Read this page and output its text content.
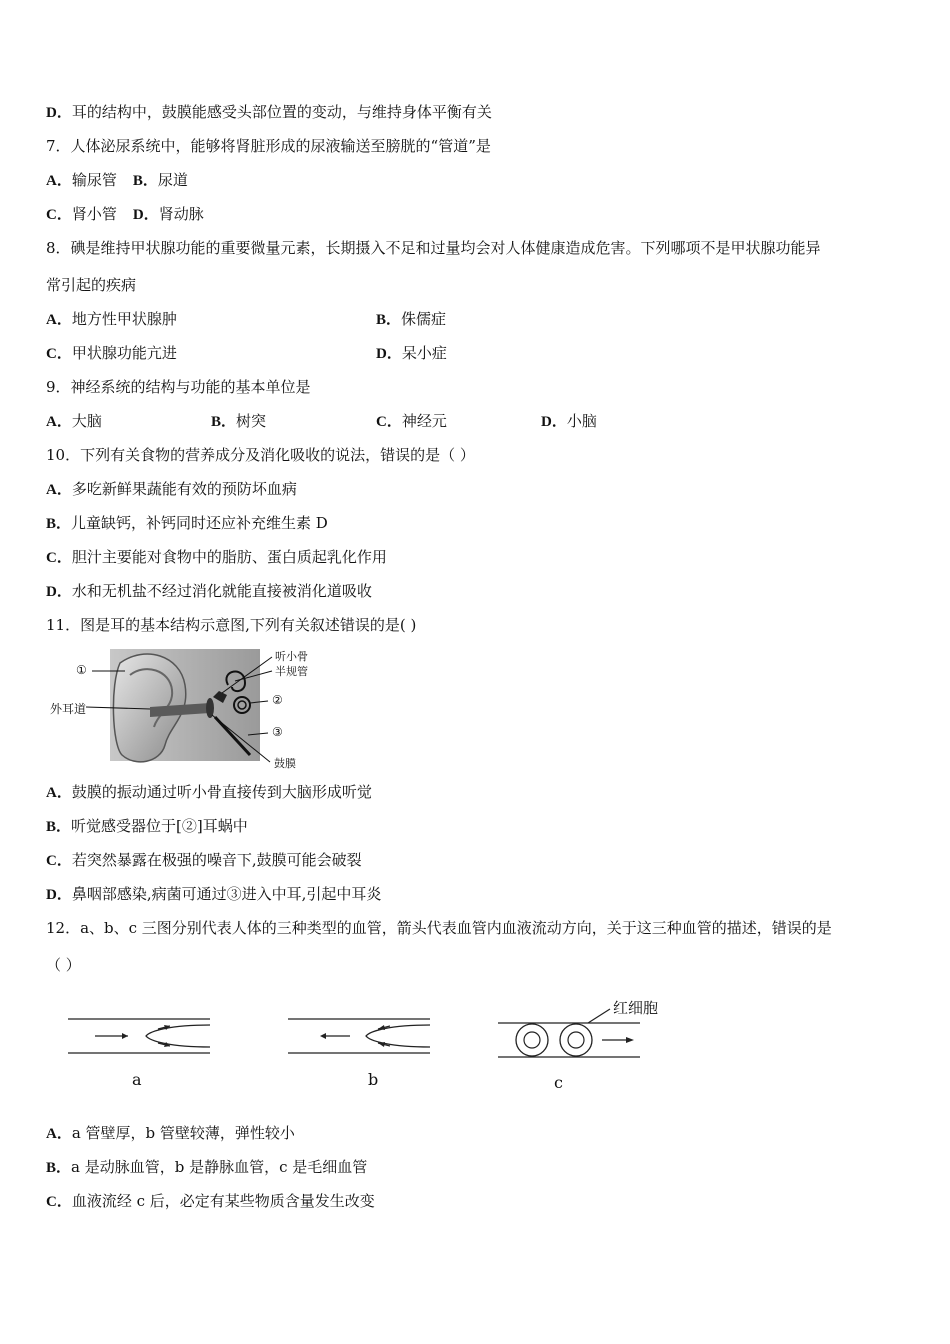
D．耳的结构中，鼓膜能感受头部位置的变动，与维持身体平衡有关
7．人体泌尿系统中，能够将肾脏形成的尿液输送至膀胱的“管道”是
A．输尿管 B．尿道
C．肾小管 D．肾动脉
8．碘是维持甲状腺功能的重要微量元素，长期摄入不足和过量均会对人体健康造成危害。下列哪项不是甲状腺功能异
常引起的疾病
A．地方性甲状腺肿	B．侏儒症
C．甲状腺功能亢进	D．呆小症
9．神经系统的结构与功能的基本单位是
A．大脑	B．树突	C．神经元	D．小脑
10．下列有关食物的营养成分及消化吸收的说法，错误的是（ ）
A．多吃新鲜果蔬能有效的预防坏血病
B．儿童缺钙，补钙同时还应补充维生素 D
C．胆汁主要能对食物中的脂肪、蛋白质起乳化作用
D．水和无机盐不经过消化就能直接被消化道吸收
11．图是耳的基本结构示意图,下列有关叙述错误的是( )
①
外耳道
听小骨
半规管
②
③
鼓膜
A．鼓膜的振动通过听小骨直接传到大脑形成听觉
B．听觉感受器位于[②]耳蜗中
C．若突然暴露在极强的噪音下,鼓膜可能会破裂
D．鼻咽部感染,病菌可通过③进入中耳,引起中耳炎
12．a、b、c 三图分别代表人体的三种类型的血管，箭头代表血管内血液流动方向，关于这三种血管的描述，错误的是
（ ）
a	b	c
红细胞
A．a 管壁厚，b 管壁较薄，弹性较小
B．a 是动脉血管，b 是静脉血管，c 是毛细血管
C．血液流经 c 后，必定有某些物质含量发生改变
